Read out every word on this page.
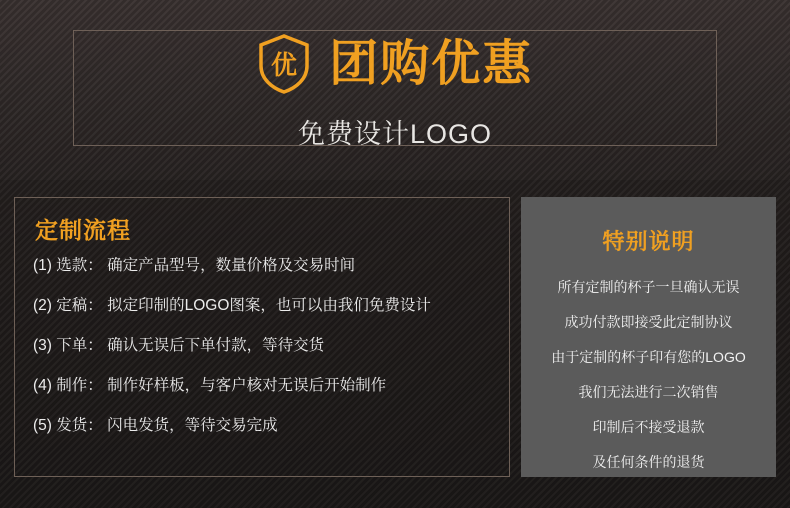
优 团购优惠
免费设计LOGO
定制流程
(1) 选款： 确定产品型号，数量价格及交易时间
(2) 定稿： 拟定印制的LOGO图案，也可以由我们免费设计
(3) 下单： 确认无误后下单付款，等待交货
(4) 制作： 制作好样板，与客户核对无误后开始制作
(5) 发货： 闪电发货，等待交易完成
特别说明
所有定制的杯子一旦确认无误
成功付款即接受此定制协议
由于定制的杯子印有您的LOGO
我们无法进行二次销售
印制后不接受退款
及任何条件的退货
